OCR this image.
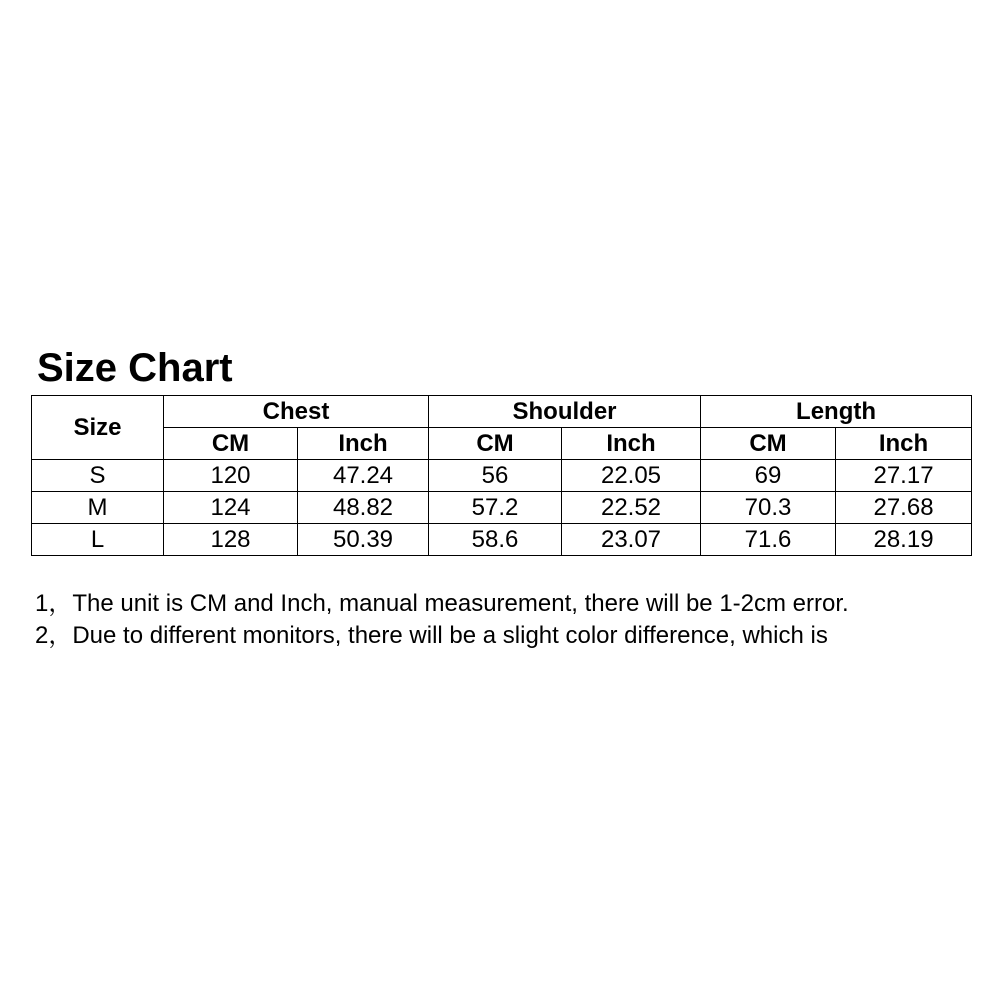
Size Chart
Size	Chest		Shoulder		Length	
	CM	Inch	CM	Inch	CM	Inch
S	120	47.24	56	22.05	69	27.17
M	124	48.82	57.2	22.52	70.3	27.68
L	128	50.39	58.6	23.07	71.6	28.19
1，The unit is CM and Inch, manual measurement, there will be 1-2cm error.
2，Due to different monitors, there will be a slight color difference, which is
